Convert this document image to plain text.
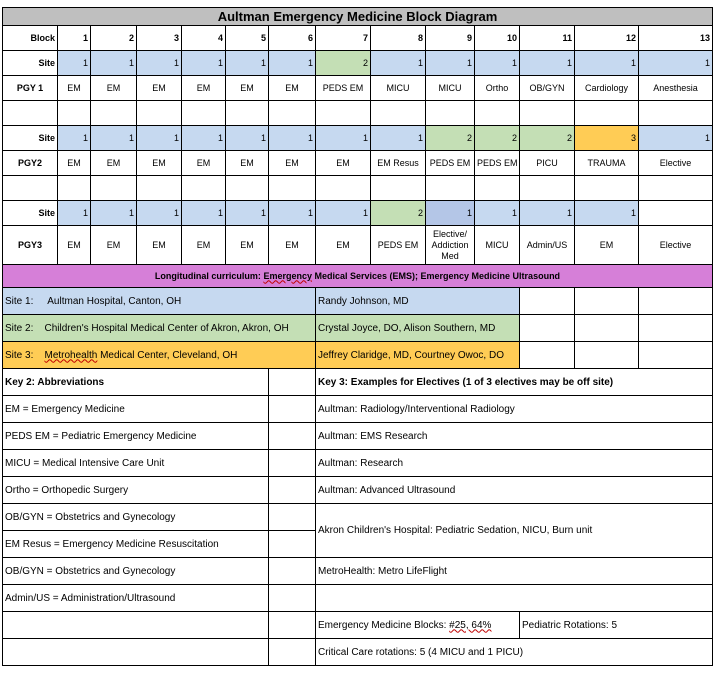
Aultman Emergency Medicine Block Diagram													
Block	1	2	3	4	5	6	7	8	9	10	11	12	13
Site	1	1	1	1	1	1	2	1	1	1	1	1	1
PGY 1	EM	EM	EM	EM	EM	EM	PEDS EM	MICU	MICU	Ortho	OB/GYN	Cardiology	Anesthesia

Site	1	1	1	1	1	1	1	1	2	2	2	3	1
PGY2	EM	EM	EM	EM	EM	EM	EM	EM Resus	PEDS EM	PEDS EM	PICU	TRAUMA	Elective

Site	1	1	1	1	1	1	1	2	1	1	1	1	
PGY3	EM	EM	EM	EM	EM	EM	EM	PEDS EM	Elective/ Addiction Med	MICU	Admin/US	EM	Elective
Longitudinal curriculum: Emergency Medical Services (EMS); Emergency Medicine Ultrasound													
Site 1: Aultman Hospital, Canton, OH							Randy Johnson, MD						
Site 2: Children's Hospital Medical Center of Akron, Akron, OH							Crystal Joyce, DO, Alison Southern, MD						
Site 3: Metrohealth Medical Center, Cleveland, OH							Jeffrey Claridge, MD, Courtney Owoc, DO						
Key 2: Abbreviations							Key 3: Examples for Electives (1 of 3 electives may be off site)						
EM = Emergency Medicine							Aultman: Radiology/Interventional Radiology						
PEDS EM = Pediatric Emergency Medicine							Aultman: EMS Research						
MICU = Medical Intensive Care Unit							Aultman: Research						
Ortho = Orthopedic Surgery							Aultman: Advanced Ultrasound						
OB/GYN = Obstetrics and Gynecology							Akron Children's Hospital: Pediatric Sedation, NICU, Burn unit						
EM Resus = Emergency Medicine Resuscitation													
OB/GYN = Obstetrics and Gynecology							MetroHealth: Metro LifeFlight						
Admin/US = Administration/Ultrasound													
							Emergency Medicine Blocks: #25, 64%				Pediatric Rotations: 5		
							Critical Care rotations: 5 (4 MICU and 1 PICU)						
